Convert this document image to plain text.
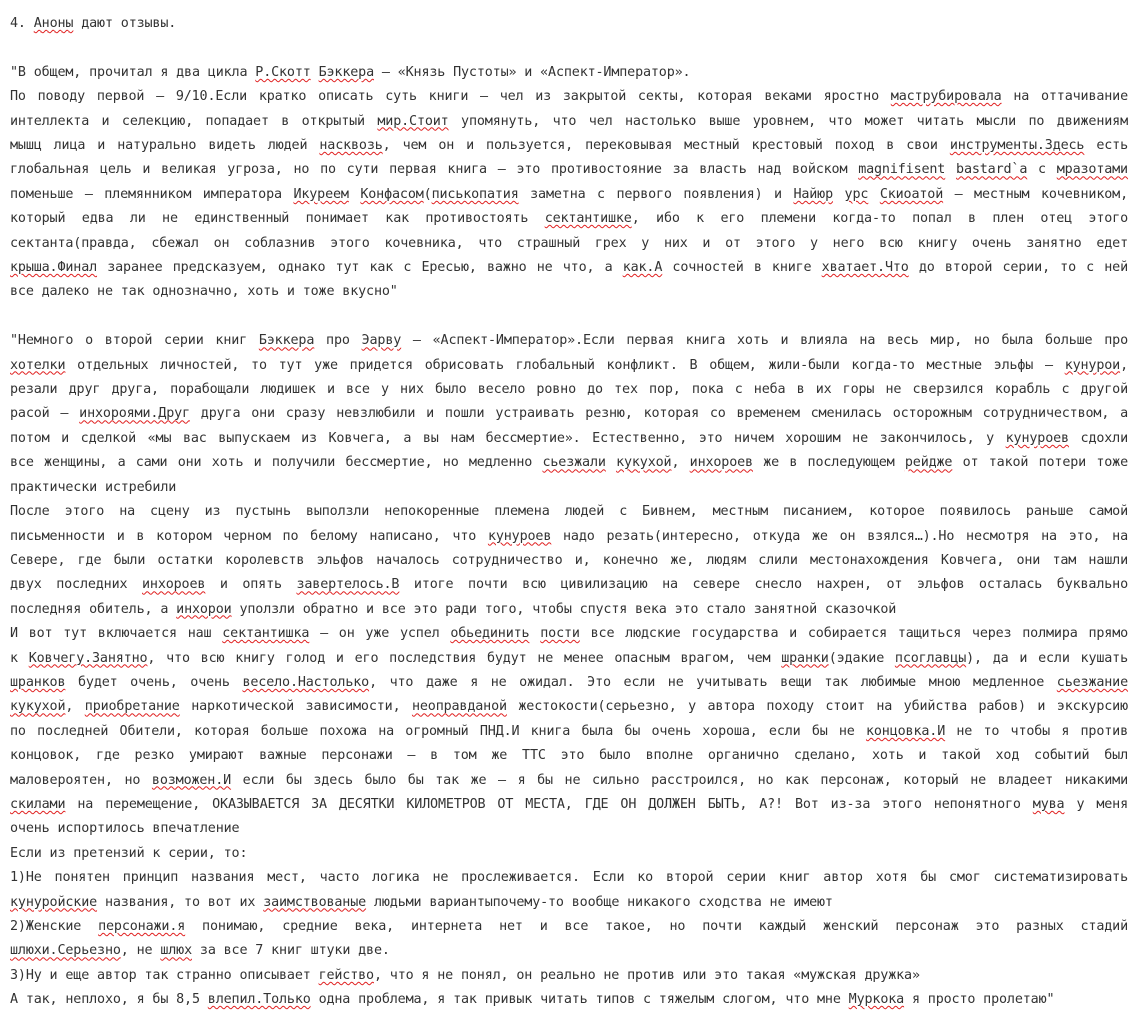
4. Аноны дают отзывы.
"В общем, прочитал я два цикла Р.Скотт Бэккера – «Князь Пустоты» и «Аспект-Император».
По поводу первой – 9/10.Если кратко описать суть книги – чел из закрытой секты, которая веками яростно маструбировала на оттачивание
интеллекта и селекцию, попадает в открытый мир.Стоит упомянуть, что чел настолько выше уровнем, что может читать мысли по движениям
мышц лица и натурально видеть людей насквозь, чем он и пользуется, перековывая местный крестовый поход в свои инструменты.Здесь есть
глобальная цель и великая угроза, но по сути первая книга – это противостояние за власть над войском magnifisent bastard`а с мразотами
поменьше – племянником императора Икуреем Конфасом(писькопатия заметна с первого появления) и Найюр урс Скиоатой – местным кочевником,
который едва ли не единственный понимает как противостоять сектантишке, ибо к его племени когда-то попал в плен отец этого
сектанта(правда, сбежал он соблазнив этого кочевника, что страшный грех у них и от этого у него всю книгу очень занятно едет
крыша.Финал заранее предсказуем, однако тут как с Ересью, важно не что, а как.А сочностей в книге хватает.Что до второй серии, то с ней
все далеко не так однозначно, хоть и тоже вкусно"
"Немного о второй серии книг Бэккера про Эарву – «Аспект-Император».Если первая книга хоть и влияла на весь мир, но была больше про
хотелки отдельных личностей, то тут уже придется обрисовать глобальный конфликт. В общем, жили-были когда-то местные эльфы – кунурои,
резали друг друга, порабощали людишек и все у них было весело ровно до тех пор, пока с неба в их горы не сверзился корабль с другой
расой – инхороями.Друг друга они сразу невзлюбили и пошли устраивать резню, которая со временем сменилась осторожным сотрудничеством, а
потом и сделкой «мы вас выпускаем из Ковчега, а вы нам бессмертие». Естественно, это ничем хорошим не закончилось, у кунуроев сдохли
все женщины, а сами они хоть и получили бессмертие, но медленно сьезжали кукухой, инхороев же в последующем рейдже от такой потери тоже
практически истребили
После этого на сцену из пустынь выползли непокоренные племена людей с Бивнем, местным писанием, которое появилось раньше самой
письменности и в котором черном по белому написано, что кунуроев надо резать(интересно, откуда же он взялся…).Но несмотря на это, на
Севере, где были остатки королевств эльфов началось сотрудничество и, конечно же, людям слили местонахождения Ковчега, они там нашли
двух последних инхороев и опять завертелось.В итоге почти всю цивилизацию на севере снесло нахрен, от эльфов осталась буквально
последняя обитель, а инхорои уползли обратно и все это ради того, чтобы спустя века это стало занятной сказочкой
И вот тут включается наш сектантишка – он уже успел обьединить пости все людские государства и собирается тащиться через полмира прямо
к Ковчегу.Занятно, что всю книгу голод и его последствия будут не менее опасным врагом, чем шранки(эдакие псоглавцы), да и если кушать
шранков будет очень, очень весело.Настолько, что даже я не ожидал. Это если не учитывать вещи так любимые мною медленное сьезжание
кукухой, приобретание наркотической зависимости, неоправданой жестокости(серьезно, у автора походу стоит на убийства рабов) и экскурсию
по последней Обители, которая больше похожа на огромный ПНД.И книга была бы очень хороша, если бы не концовка.И не то чтобы я против
концовок, где резко умирают важные персонажи – в том же ТТС это было вполне органично сделано, хоть и такой ход событий был
маловероятен, но возможен.И если бы здесь было бы так же – я бы не сильно расстроился, но как персонаж, который не владеет никакими
скилами на перемещение, ОКАЗЫВАЕТСЯ ЗА ДЕСЯТКИ КИЛОМЕТРОВ ОТ МЕСТА, ГДЕ ОН ДОЛЖЕН БЫТЬ, А?! Вот из-за этого непонятного мува у меня
очень испортилось впечатление
Если из претензий к серии, то:
1)Не понятен принцип названия мест, часто логика не прослеживается. Если ко второй серии книг автор хотя бы смог систематизировать
кунуройские названия, то вот их заимствованые людьми вариантыпочему-то вообще никакого сходства не имеют
2)Женские персонажи.я понимаю, средние века, интернета нет и все такое, но почти каждый женский персонаж это разных стадий
шлюхи.Серьезно, не шлюх за все 7 книг штуки две.
3)Ну и еще автор так странно описывает гейство, что я не понял, он реально не против или это такая «мужская дружка»
А так, неплохо, я бы 8,5 влепил.Только одна проблема, я так привык читать типов с тяжелым слогом, что мне Муркока я просто пролетаю"
